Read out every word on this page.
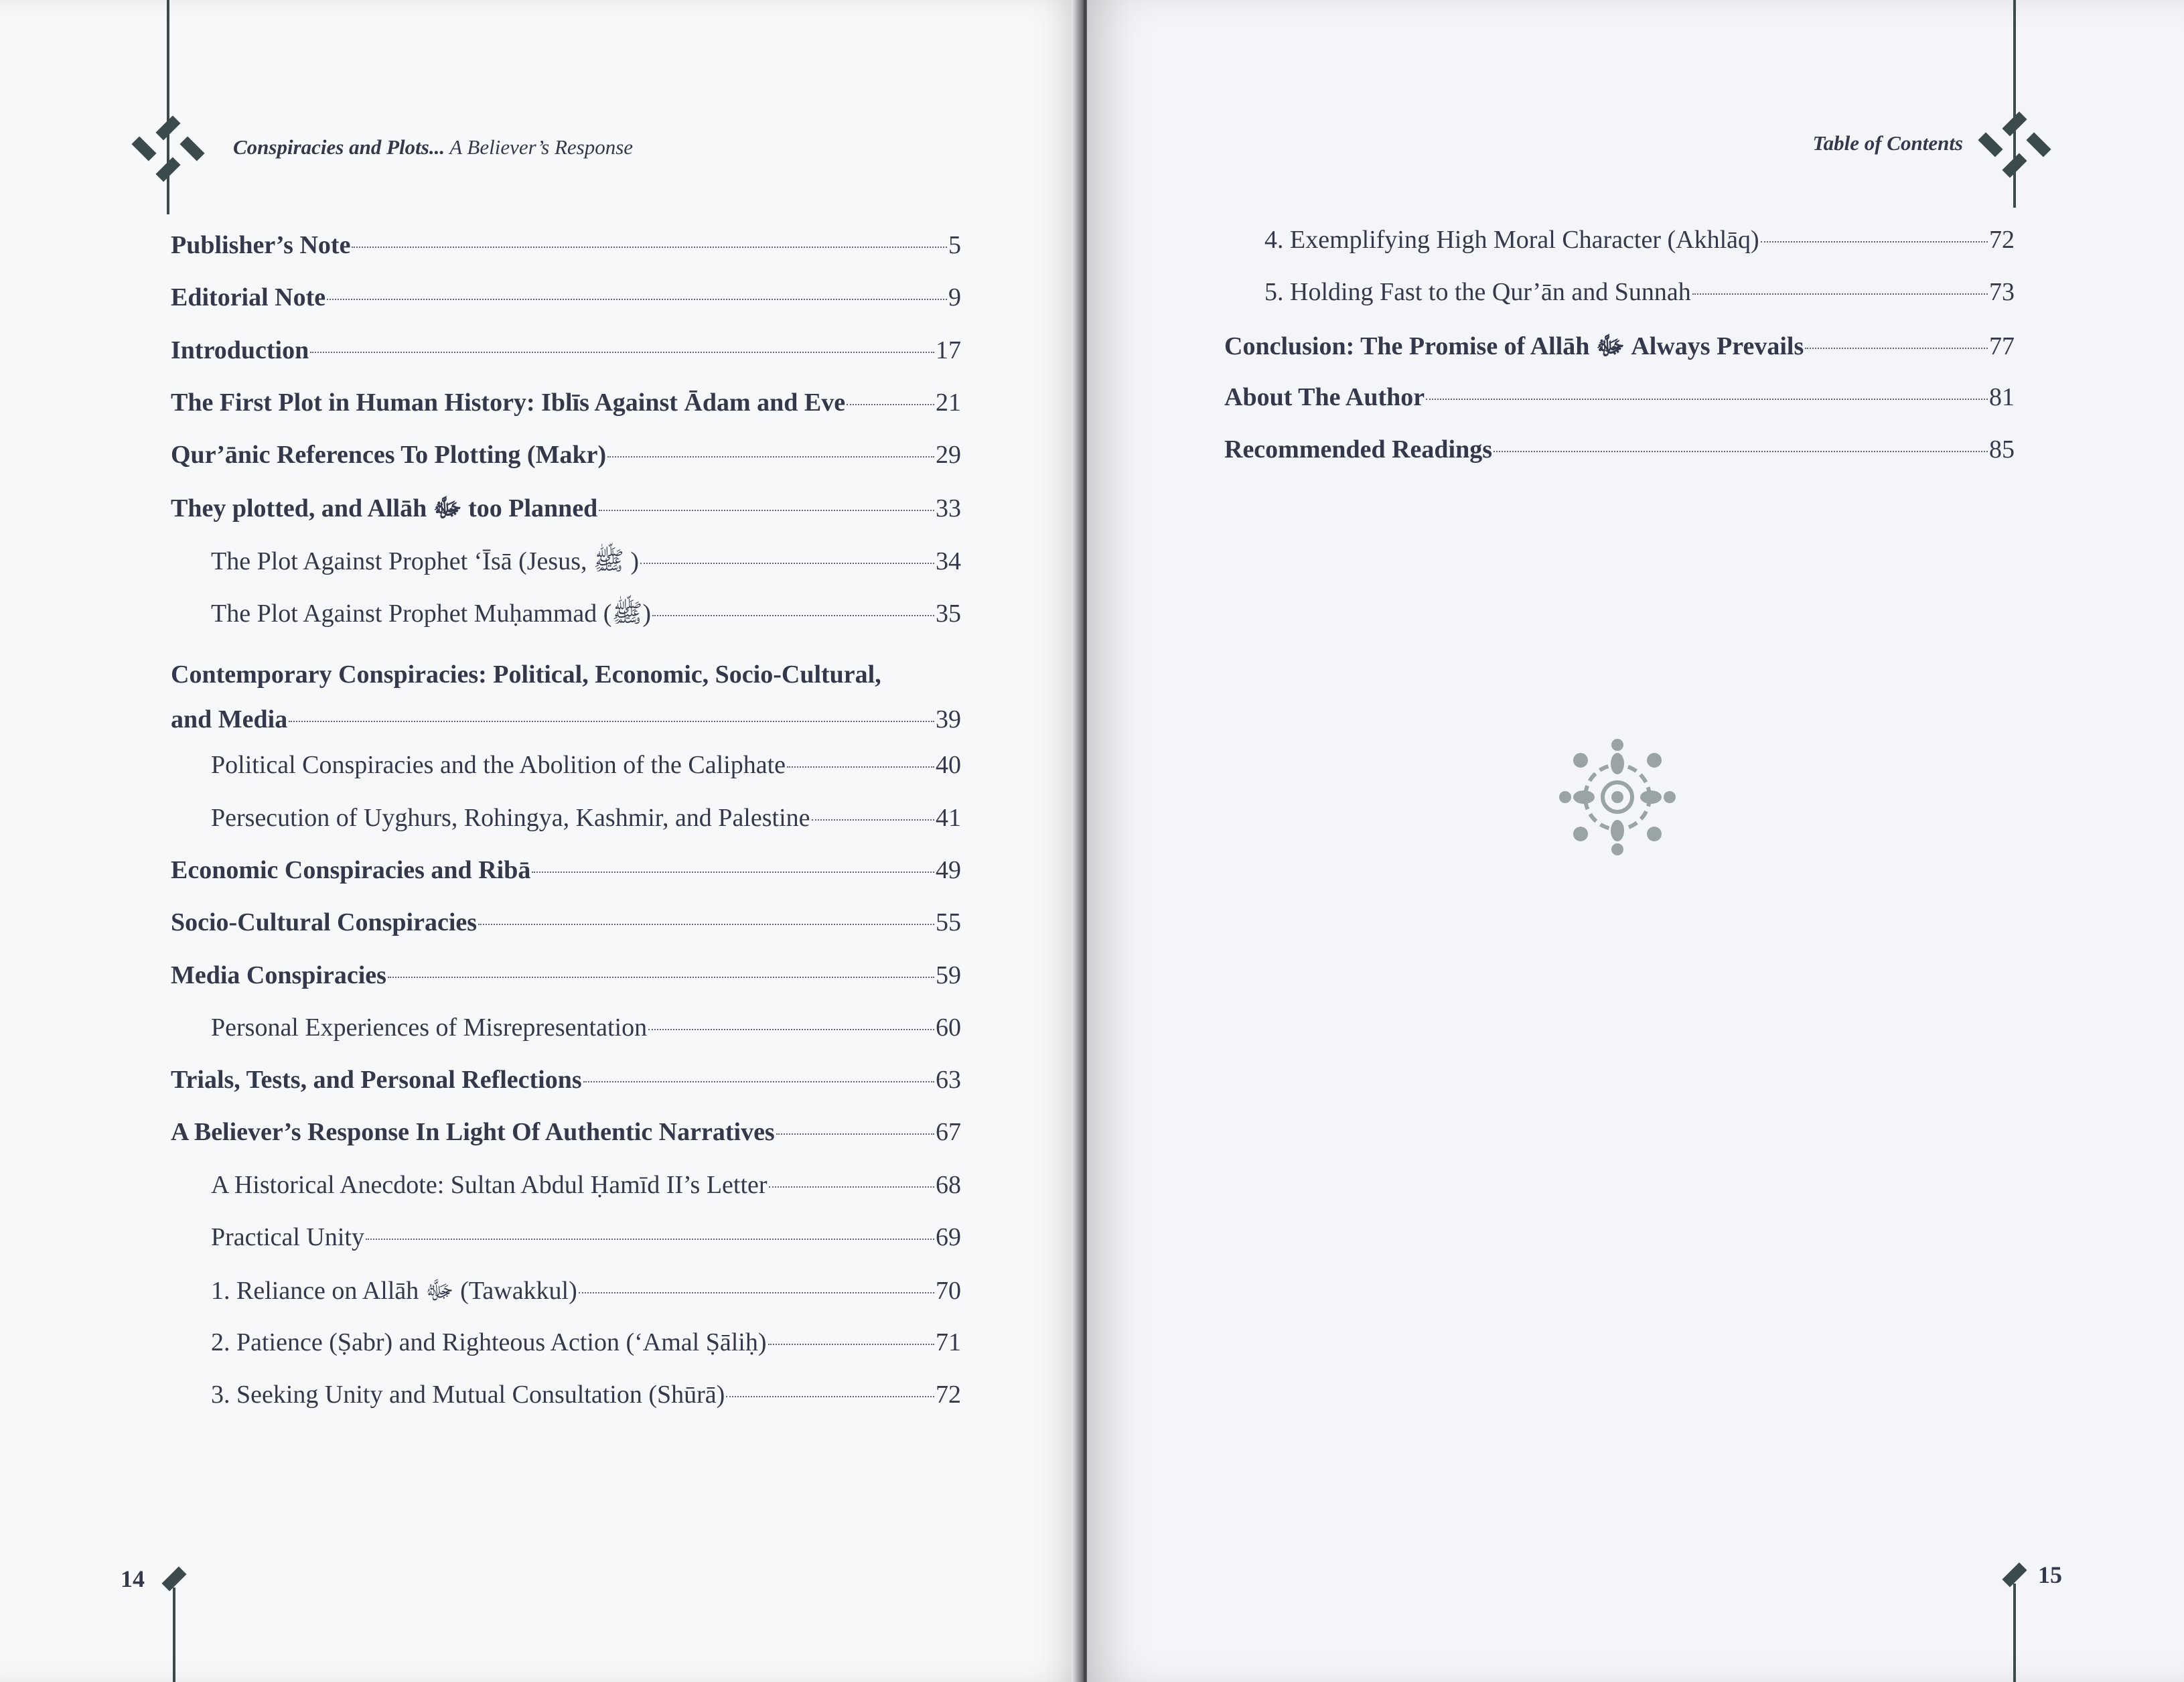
Conspiracies and Plots... A Believer’s Response
Publisher’s Note	5
Editorial Note	9
Introduction	17
The First Plot in Human History: Iblīs Against Ādam and Eve	21
Qur’ānic References To Plotting (Makr)	29
They plotted, and Allāh ﷻ too Planned	33
The Plot Against Prophet ‘Īsā (Jesus, ﷺ )	34
The Plot Against Prophet Muḥammad (ﷺ)	35
Contemporary Conspiracies: Political, Economic, Socio-Cultural,
and Media	39
Political Conspiracies and the Abolition of the Caliphate	40
Persecution of Uyghurs, Rohingya, Kashmir, and Palestine	41
Economic Conspiracies and Ribā	49
Socio-Cultural Conspiracies	55
Media Conspiracies	59
Personal Experiences of Misrepresentation	60
Trials, Tests, and Personal Reflections	63
A Believer’s Response In Light Of Authentic Narratives	67
A Historical Anecdote: Sultan Abdul Ḥamīd II’s Letter	68
Practical Unity	69
1. Reliance on Allāh ﷻ (Tawakkul)	70
2. Patience (Ṣabr) and Righteous Action (‘Amal Ṣāliḥ)	71
3. Seeking Unity and Mutual Consultation (Shūrā)	72
14
Table of Contents
15
4. Exemplifying High Moral Character (Akhlāq)	72
5. Holding Fast to the Qur’ān and Sunnah	73
Conclusion: The Promise of Allāh ﷻ Always Prevails	77
About The Author	81
Recommended Readings	85
